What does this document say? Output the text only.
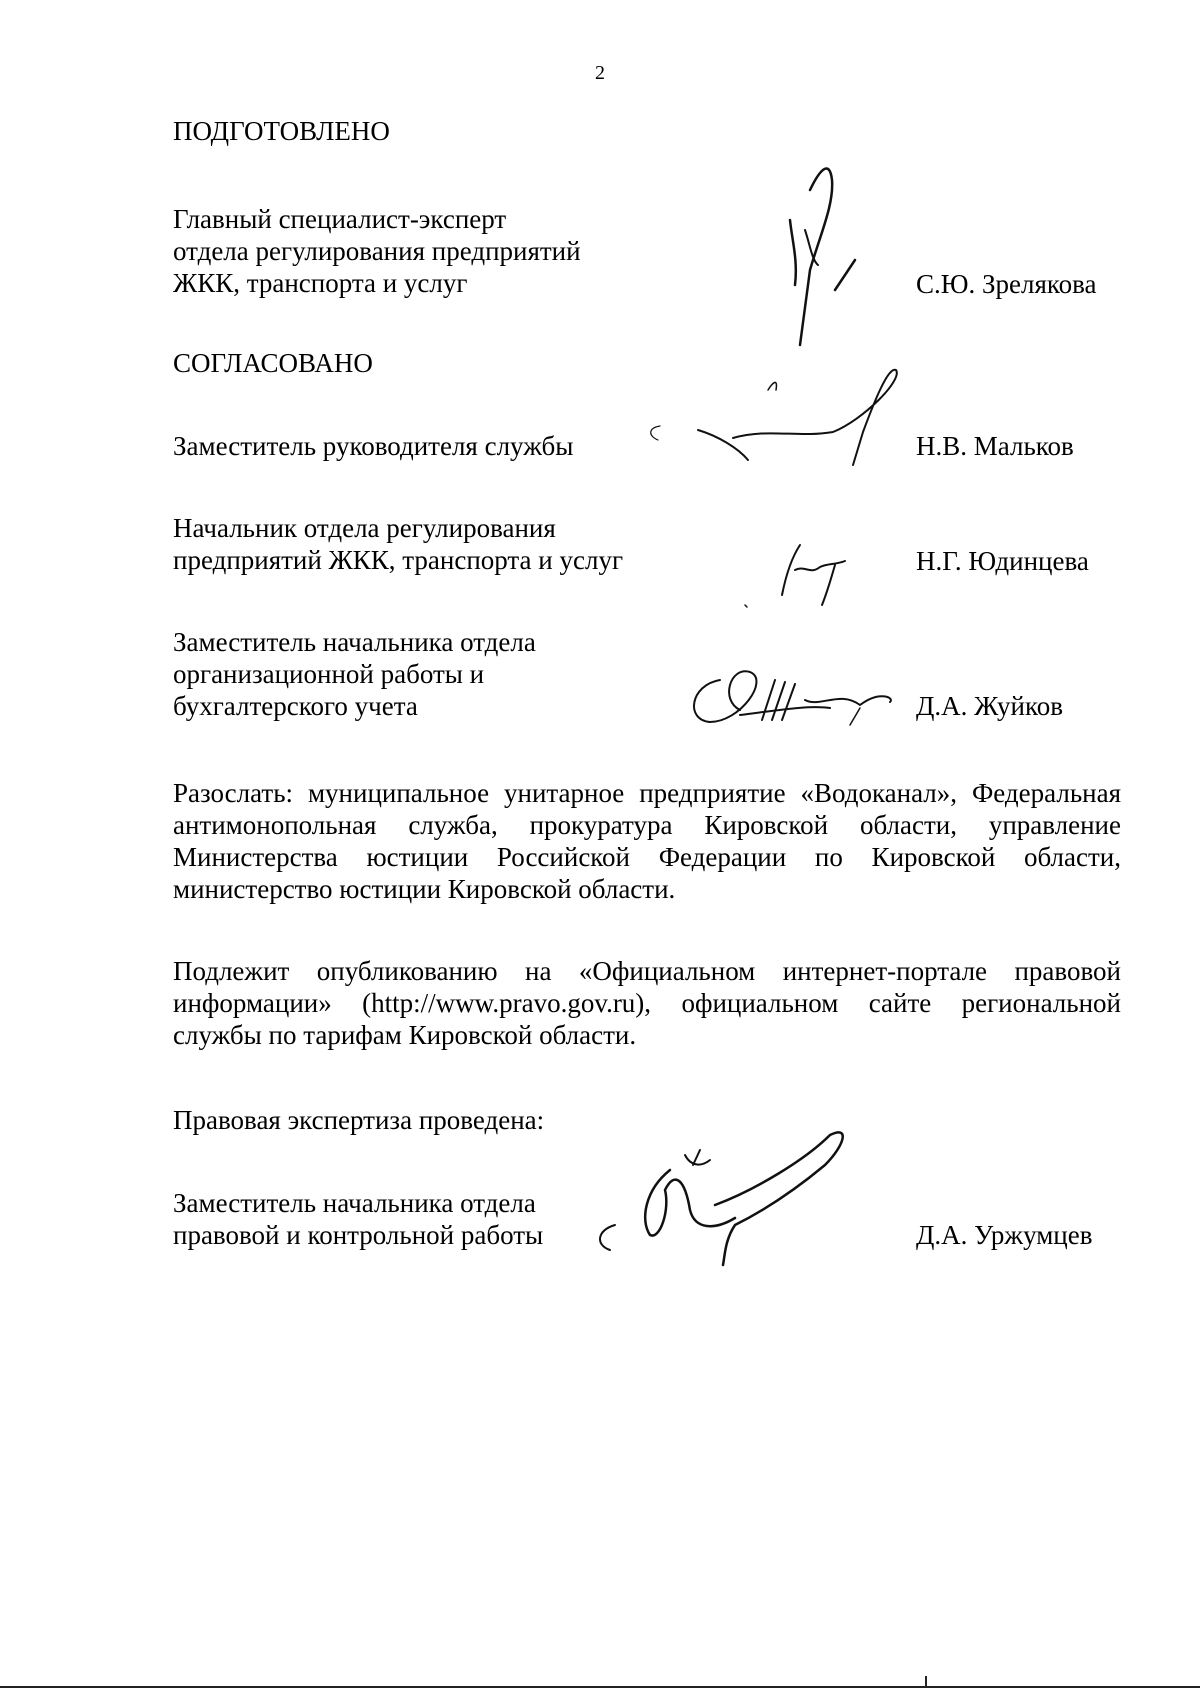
2

ПОДГОТОВЛЕНО

Главный специалист-эксперт

отдела регулирования предприятий

ЖКК, транспорта и услуг	С.Ю. Зрелякова

СОГЛАСОВАНО

Заместитель руководителя службы	Н.В. Мальков

Начальник отдела регулирования

предприятий ЖКК, транспорта и услуг	Н.Г. Юдинцева

Заместитель начальника отдела

организационной работы и

бухгалтерского учета	Д.А. Жуйков

Разослать: муниципальное унитарное предприятие «Водоканал», Федеральная антимонопольная служба, прокуратура Кировской области, управление Министерства юстиции Российской Федерации по Кировской области, министерство юстиции Кировской области.

Подлежит опубликованию на «Официальном интернет-портале правовой информации» (http://www.pravo.gov.ru), официальном сайте региональной службы по тарифам Кировской области.

Правовая экспертиза проведена:

Заместитель начальника отдела

правовой и контрольной работы	Д.А. Уржумцев
